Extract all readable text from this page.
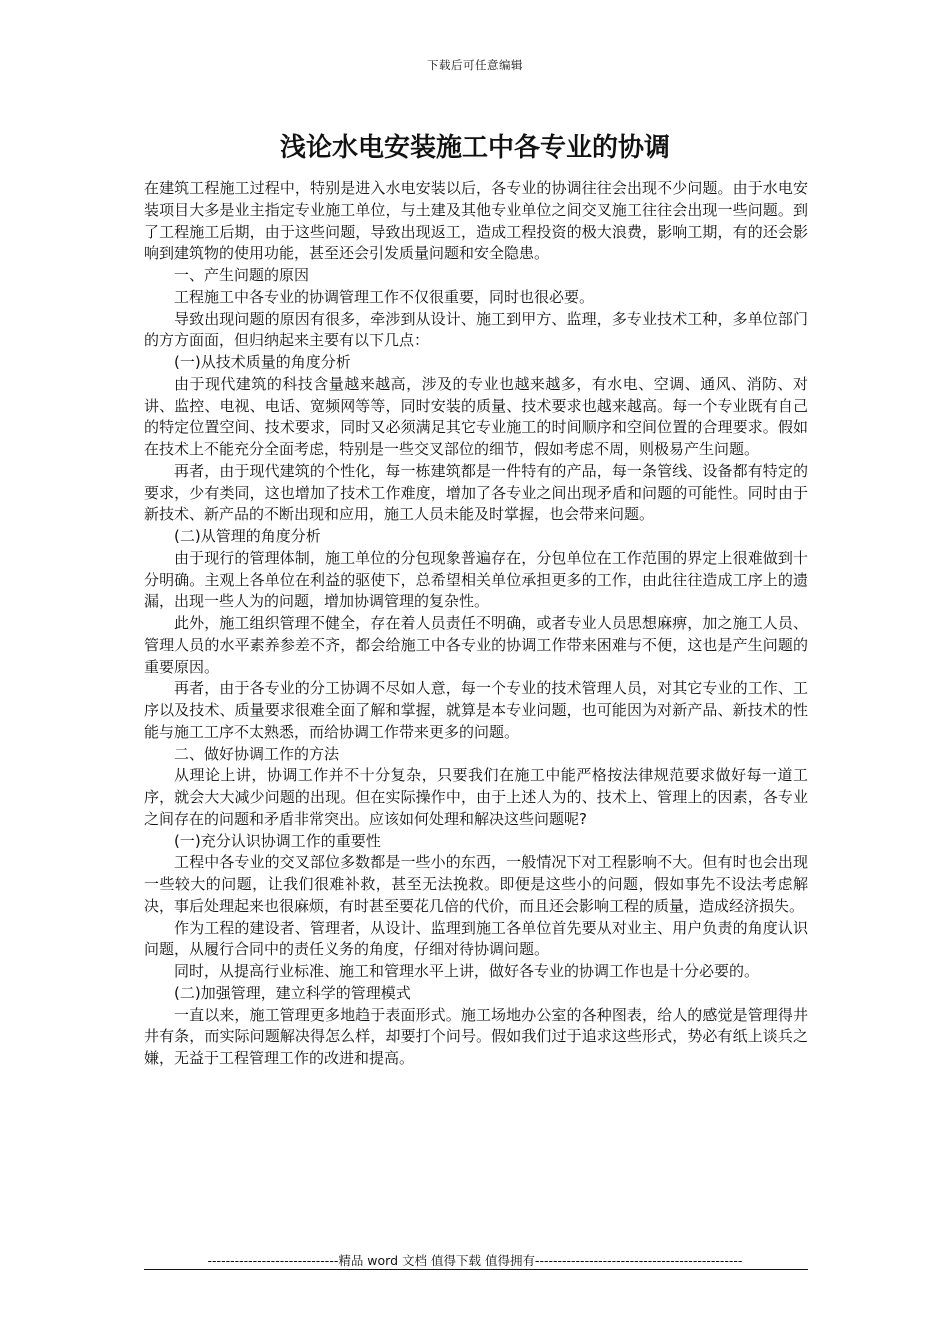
下载后可任意编辑
浅论水电安装施工中各专业的协调

在建筑工程施工过程中，特别是进入水电安装以后，各专业的协调往往会出现不少问题。由于水电安装项目大多是业主指定专业施工单位，与土建及其他专业单位之间交叉施工往往会出现一些问题。到了工程施工后期，由于这些问题，导致出现返工，造成工程投资的极大浪费，影响工期，有的还会影响到建筑物的使用功能，甚至还会引发质量问题和安全隐患。

一、产生问题的原因

工程施工中各专业的协调管理工作不仅很重要，同时也很必要。

导致出现问题的原因有很多，牵涉到从设计、施工到甲方、监理，多专业技术工种，多单位部门的方方面面，但归纳起来主要有以下几点：

(一)从技术质量的角度分析

由于现代建筑的科技含量越来越高，涉及的专业也越来越多，有水电、空调、通风、消防、对讲、监控、电视、电话、宽频网等等，同时安装的质量、技术要求也越来越高。每一个专业既有自己的特定位置空间、技术要求，同时又必须满足其它专业施工的时间顺序和空间位置的合理要求。假如在技术上不能充分全面考虑，特别是一些交叉部位的细节，假如考虑不周，则极易产生问题。

再者，由于现代建筑的个性化，每一栋建筑都是一件特有的产品，每一条管线、设备都有特定的要求，少有类同，这也增加了技术工作难度，增加了各专业之间出现矛盾和问题的可能性。同时由于新技术、新产品的不断出现和应用，施工人员未能及时掌握，也会带来问题。

(二)从管理的角度分析

由于现行的管理体制，施工单位的分包现象普遍存在，分包单位在工作范围的界定上很难做到十分明确。主观上各单位在利益的驱使下，总希望相关单位承担更多的工作，由此往往造成工序上的遗漏，出现一些人为的问题，增加协调管理的复杂性。

此外，施工组织管理不健全，存在着人员责任不明确，或者专业人员思想麻痹，加之施工人员、管理人员的水平素养参差不齐，都会给施工中各专业的协调工作带来困难与不便，这也是产生问题的重要原因。

再者，由于各专业的分工协调不尽如人意，每一个专业的技术管理人员，对其它专业的工作、工序以及技术、质量要求很难全面了解和掌握，就算是本专业问题，也可能因为对新产品、新技术的性能与施工工序不太熟悉，而给协调工作带来更多的问题。

二、做好协调工作的方法

从理论上讲，协调工作并不十分复杂，只要我们在施工中能严格按法律规范要求做好每一道工序，就会大大减少问题的出现。但在实际操作中，由于上述人为的、技术上、管理上的因素，各专业之间存在的问题和矛盾非常突出。应该如何处理和解决这些问题呢?

(一)充分认识协调工作的重要性

工程中各专业的交叉部位多数都是一些小的东西，一般情况下对工程影响不大。但有时也会出现一些较大的问题，让我们很难补救，甚至无法挽救。即便是这些小的问题，假如事先不设法考虑解决，事后处理起来也很麻烦，有时甚至要花几倍的代价，而且还会影响工程的质量，造成经济损失。

作为工程的建设者、管理者，从设计、监理到施工各单位首先要从对业主、用户负责的角度认识问题，从履行合同中的责任义务的角度，仔细对待协调问题。

同时，从提高行业标准、施工和管理水平上讲，做好各专业的协调工作也是十分必要的。

(二)加强管理，建立科学的管理模式

一直以来，施工管理更多地趋于表面形式。施工场地办公室的各种图表，给人的感觉是管理得井井有条，而实际问题解决得怎么样，却要打个问号。假如我们过于追求这些形式，势必有纸上谈兵之嫌，无益于工程管理工作的改进和提高。

-----------------------------精品 word 文档 值得下载 值得拥有----------------------------------------------
